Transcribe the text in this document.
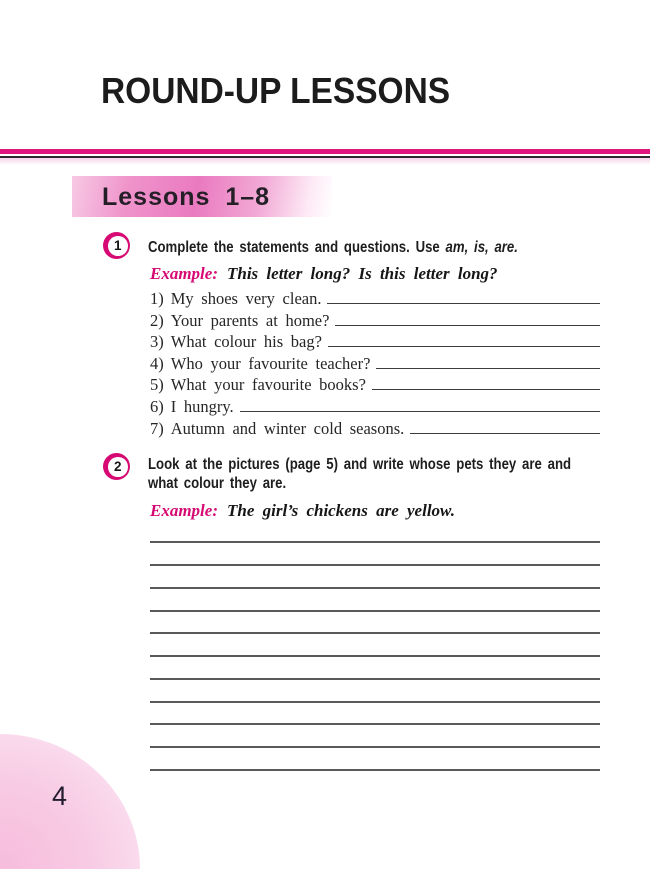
ROUND-UP LESSONS
Lessons 1–8
1	Complete the statements and questions. Use am, is, are.
Example: This letter long? Is this letter long?
1) My shoes very clean.
2) Your parents at home?
3) What colour his bag?
4) Who your favourite teacher?
5) What your favourite books?
6) I hungry.
7) Autumn and winter cold seasons.
2	Look at the pictures (page 5) and write whose pets they are and
what colour they are.
Example: The girl’s chickens are yellow.
4
